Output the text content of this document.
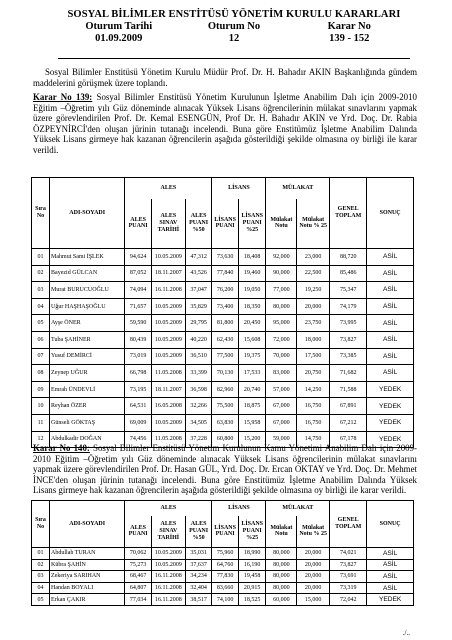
SOSYAL BİLİMLER ENSTİTÜSÜ YÖNETİM KURULU KARARLARI
Oturum Tarihi	Oturum No	Karar No
01.09.2009	12	139 - 152
Sosyal Bilimler Enstitüsü Yönetim Kurulu Müdür Prof. Dr. H. Bahadır AKIN Başkanlığında gündem maddelerini görüşmek üzere toplandı.
Karar No 139: Sosyal Bilimler Enstitüsü Yönetim Kurulunun İşletme Anabilim Dalı için 2009-2010 Eğitim –Öğretim yılı Güz döneminde alınacak Yüksek Lisans öğrencilerinin mülakat sınavlarını yapmak üzere görevlendirilen Prof. Dr. Kemal ESENGÜN, Prof Dr. H. Bahadır AKIN ve Yrd. Doç. Dr. Rabia ÖZPEYNİRCİ'den oluşan jürinin tutanağı incelendi. Buna göre Enstitümüz İşletme Anabilim Dalında Yüksek Lisans girmeye hak kazanan öğrencilerin aşağıda gösterildiği şekilde olmasına oy birliği ile karar verildi.
Sıra No	ADI-SOYADI	ALES			LİSANS		MÜLAKAT		GENEL TOPLAM	SONUÇ
		ALES PUANI	ALES SINAV TARİHİ	ALES PUANI %50	LİSANS PUANI	LİSANS PUANI %25	Mülakat Notu	Mülakat Notu % 25		
01	Mahmut Sami İŞLEK	94,624	10.05.2009	47,312	73,630	18,408	92,000	23,000	88,720	ASİL
02	Bayezid GÜLCAN	87,052	18.11.2007	43,526	77,840	19,460	90,000	22,500	85,486	ASİL
03	Murat BURUCUOĞLU	74,094	16.11.2008	37,047	76,200	19,050	77,000	19,250	75,347	ASİL
04	Uğur HAŞHAŞOĞLU	71,657	10.05.2009	35,829	73,400	18,350	80,000	20,000	74,179	ASİL
05	Ayşe ÖNER	59,590	10.05.2009	29,795	81,800	20,450	95,000	23,750	73,995	ASİL
06	Tuba ŞAHİNER	80,439	10.05.2009	40,220	62,430	15,608	72,000	18,000	73,827	ASİL
07	Yusuf DEMİRCİ	73,019	10.05.2009	36,510	77,500	19,375	70,000	17,500	73,385	ASİL
08	Zeynep UĞUR	66,798	11.05.2008	33,399	70,130	17,533	83,000	20,750	71,682	ASİL
09	Emrah ÜNDEVLİ	73,195	18.11.2007	36,598	82,960	20,740	57,000	14,250	71,588	YEDEK
10	Reyhan ÖZER	64,531	16.05.2008	32,266	75,500	18,875	67,000	16,750	67,891	YEDEK
11	Günseli GÖKTAŞ	69,009	10.05.2009	34,505	63,830	15,958	67,000	16,750	67,212	YEDEK
12	Abdulkadir DOĞAN	74,456	11.05.2008	37,228	60,800	15,200	59,000	14,750	67,178	YEDEK
Karar No 140: Sosyal Bilimler Enstitüsü Yönetim Kurulunun Kamu Yönetimi Anabilim Dalı için 2009-2010 Eğitim –Öğretim yılı Güz döneminde alınacak Yüksek Lisans öğrencilerinin mülakat sınavlarını yapmak üzere görevlendirilen Prof. Dr. Hasan GÜL, Yrd. Doç. Dr. Ercan OKTAY ve Yrd. Doç. Dr. Mehmet İNCE'den oluşan jürinin tutanağı incelendi. Buna göre Enstitümüz İşletme Anabilim Dalında Yüksek Lisans girmeye hak kazanan öğrencilerin aşağıda gösterildiği şekilde olmasına oy birliği ile karar verildi.
Sıra No	ADI-SOYADI	ALES			LİSANS		MÜLAKAT		GENEL TOPLAM	SONUÇ
		ALES PUANI	ALES SINAV TARİHİ	ALES PUANI %50	LİSANS PUANI	LİSANS PUANI %25	Mülakat Notu	Mülakat Notu % 25		
01	Abdullah TURAN	70,062	10.05.2009	35,031	75,960	18,990	80,000	20,000	74,021	ASİL
02	Kübra ŞAHİN	75,273	10.05.2009	37,637	64,760	16,190	80,000	20,000	73,827	ASİL
03	Zekeriya SARIHAN	68,467	16.11.2008	34,234	77,830	19,458	80,000	20,000	73,691	ASİL
04	Handan BOYALI	64,807	16.11.2008	32,404	83,660	20,915	80,000	20,000	73,319	ASİL
05	Erkan ÇAKIR	77,034	16.11.2008	38,517	74,100	18,525	60,000	15,000	72,042	YEDEK
./..
